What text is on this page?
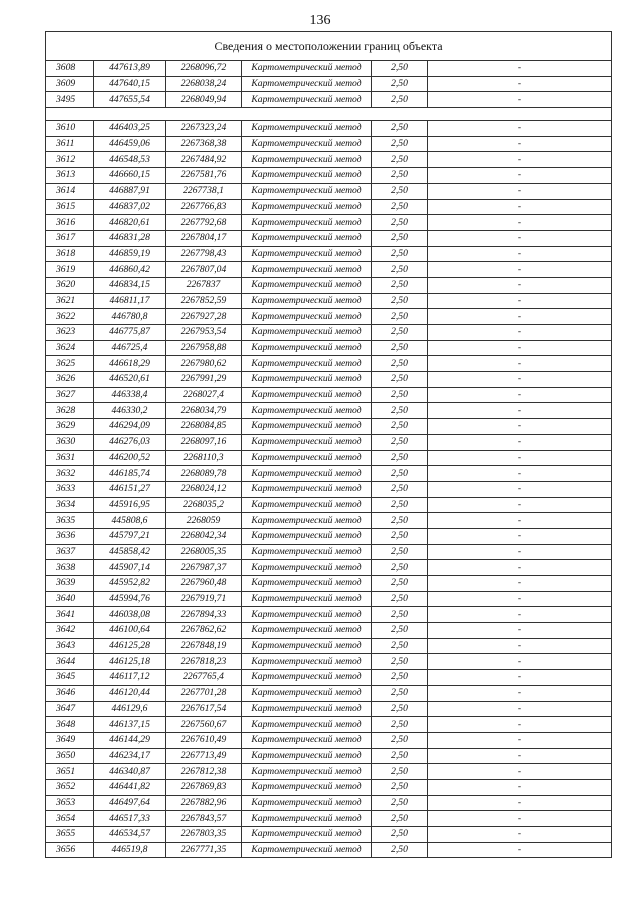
136
Сведения о местоположении границ объекта					
3608	447613,89	2268096,72	Картометрический метод	2,50	-
3609	447640,15	2268038,24	Картометрический метод	2,50	-
3495	447655,54	2268049,94	Картометрический метод	2,50	-

3610	446403,25	2267323,24	Картометрический метод	2,50	-
3611	446459,06	2267368,38	Картометрический метод	2,50	-
3612	446548,53	2267484,92	Картометрический метод	2,50	-
3613	446660,15	2267581,76	Картометрический метод	2,50	-
3614	446887,91	2267738,1	Картометрический метод	2,50	-
3615	446837,02	2267766,83	Картометрический метод	2,50	-
3616	446820,61	2267792,68	Картометрический метод	2,50	-
3617	446831,28	2267804,17	Картометрический метод	2,50	-
3618	446859,19	2267798,43	Картометрический метод	2,50	-
3619	446860,42	2267807,04	Картометрический метод	2,50	-
3620	446834,15	2267837	Картометрический метод	2,50	-
3621	446811,17	2267852,59	Картометрический метод	2,50	-
3622	446780,8	2267927,28	Картометрический метод	2,50	-
3623	446775,87	2267953,54	Картометрический метод	2,50	-
3624	446725,4	2267958,88	Картометрический метод	2,50	-
3625	446618,29	2267980,62	Картометрический метод	2,50	-
3626	446520,61	2267991,29	Картометрический метод	2,50	-
3627	446338,4	2268027,4	Картометрический метод	2,50	-
3628	446330,2	2268034,79	Картометрический метод	2,50	-
3629	446294,09	2268084,85	Картометрический метод	2,50	-
3630	446276,03	2268097,16	Картометрический метод	2,50	-
3631	446200,52	2268110,3	Картометрический метод	2,50	-
3632	446185,74	2268089,78	Картометрический метод	2,50	-
3633	446151,27	2268024,12	Картометрический метод	2,50	-
3634	445916,95	2268035,2	Картометрический метод	2,50	-
3635	445808,6	2268059	Картометрический метод	2,50	-
3636	445797,21	2268042,34	Картометрический метод	2,50	-
3637	445858,42	2268005,35	Картометрический метод	2,50	-
3638	445907,14	2267987,37	Картометрический метод	2,50	-
3639	445952,82	2267960,48	Картометрический метод	2,50	-
3640	445994,76	2267919,71	Картометрический метод	2,50	-
3641	446038,08	2267894,33	Картометрический метод	2,50	-
3642	446100,64	2267862,62	Картометрический метод	2,50	-
3643	446125,28	2267848,19	Картометрический метод	2,50	-
3644	446125,18	2267818,23	Картометрический метод	2,50	-
3645	446117,12	2267765,4	Картометрический метод	2,50	-
3646	446120,44	2267701,28	Картометрический метод	2,50	-
3647	446129,6	2267617,54	Картометрический метод	2,50	-
3648	446137,15	2267560,67	Картометрический метод	2,50	-
3649	446144,29	2267610,49	Картометрический метод	2,50	-
3650	446234,17	2267713,49	Картометрический метод	2,50	-
3651	446340,87	2267812,38	Картометрический метод	2,50	-
3652	446441,82	2267869,83	Картометрический метод	2,50	-
3653	446497,64	2267882,96	Картометрический метод	2,50	-
3654	446517,33	2267843,57	Картометрический метод	2,50	-
3655	446534,57	2267803,35	Картометрический метод	2,50	-
3656	446519,8	2267771,35	Картометрический метод	2,50	-
